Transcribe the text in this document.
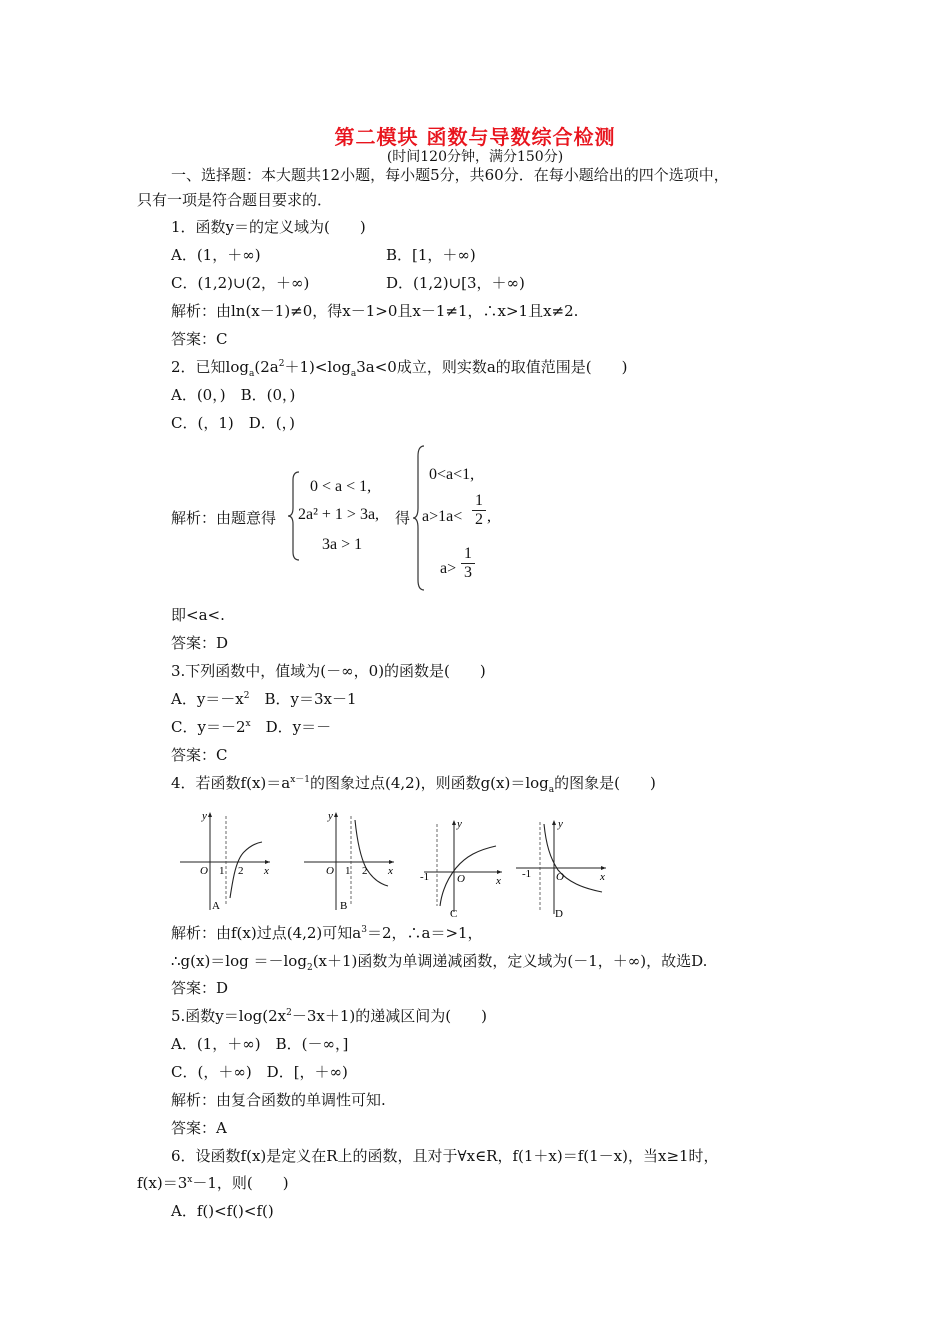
第二模块 函数与导数综合检测
(时间120分钟，满分150分)
一、选择题：本大题共12小题，每小题5分，共60分．在每小题给出的四个选项中，
只有一项是符合题目要求的．
1．函数y＝的定义域为(　　)
A．(1，＋∞)	B．[1，＋∞)
C．(1,2)∪(2，＋∞)	D．(1,2)∪[3，＋∞)
解析：由ln(x－1)≠0，得x－1>0且x－1≠1，∴x>1且x≠2.
答案：C
2．已知$\log_a(2a^2+1)<\log_a3a<0$成立，则实数a的取值范围是(　　)
A．(0，)　B．(0，)
C．(，1)　D．(，)
解析：由题意得
0 < a < 1,
2a² + 1 > 3a,
3a > 1
得
0<a<1,
$a>1a< \frac{1}{2}$ ,
$a> \frac{1}{3}$
即<a<.
答案：D
3.下列函数中，值域为(－∞，0)的函数是(　　)
A．$y=-x^2$　B．y＝3x－1
C．$y=-2^x$　D．y＝－
答案：C
4．若函数$f(x)=a^{x-1}$的图象过点(4,2)，则函数$g(x)=\log_a$的图象是(　　)
y
x
O 1 2
A
y
x
O 1 2
B
y
x
-1	O
C
y
x
-1 O
D
解析：由f(x)过点(4,2)可知$a^3=2$，∴a＝>1，
∴g(x)＝log $=-\log_2(x+1)$函数为单调递减函数，定义域为(－1，＋∞)，故选D.
答案：D
5.函数$y=\log(2x^2-3x+1)$的递减区间为(　　)
A．(1，＋∞)　B．(－∞，]
C．(，＋∞)　D．[，＋∞)
解析：由复合函数的单调性可知.
答案：A
6．设函数f(x)是定义在R上的函数，且对于∀x∈R，f(1＋x)＝f(1－x)，当x≥1时，
$f(x)=3^x-1$，则(　　)
A．f()<f()<f()
